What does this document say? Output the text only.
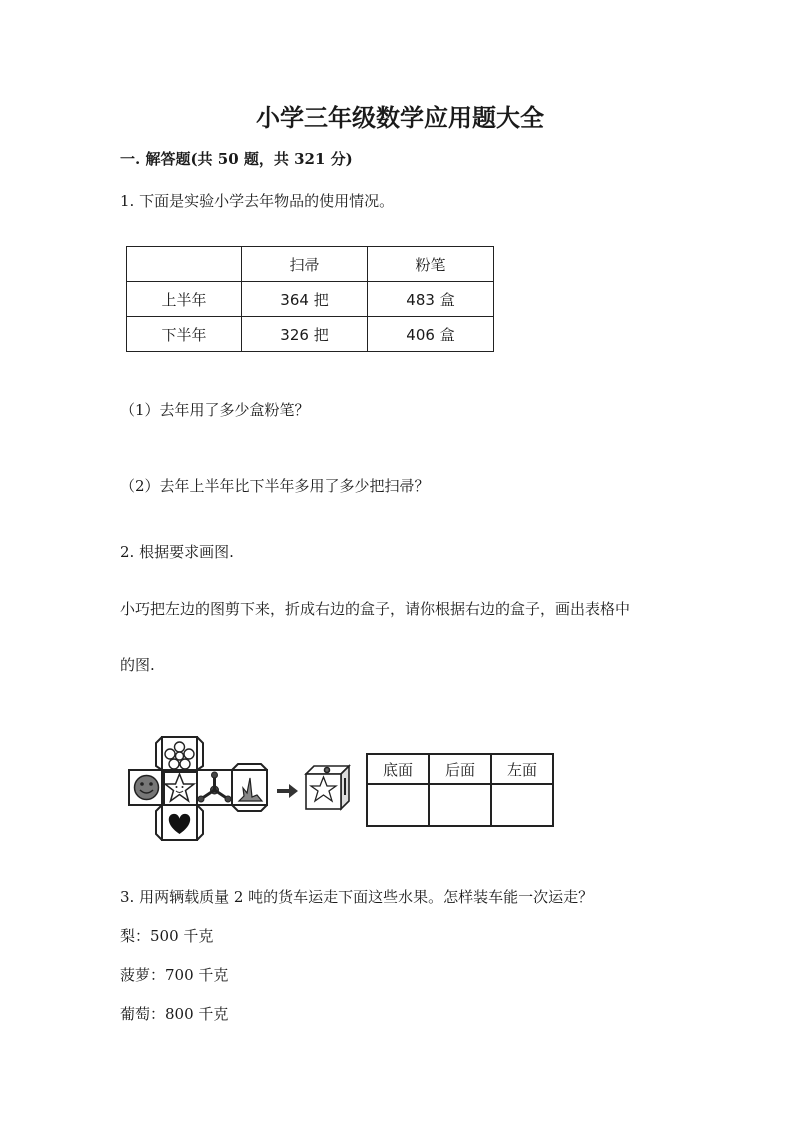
小学三年级数学应用题大全
一. 解答题(共 50 题，共 321 分)
1. 下面是实验小学去年物品的使用情况。
	扫帚	粉笔
上半年	364 把	483 盒
下半年	326 把	406 盒
（1）去年用了多少盒粉笔？
（2）去年上半年比下半年多用了多少把扫帚？
2. 根据要求画图.
小巧把左边的图剪下来，折成右边的盒子，请你根据右边的盒子，画出表格中
的图.
底面	后面	左面

3. 用两辆载质量 2 吨的货车运走下面这些水果。怎样装车能一次运走？
梨：500 千克
菠萝：700 千克
葡萄：800 千克
